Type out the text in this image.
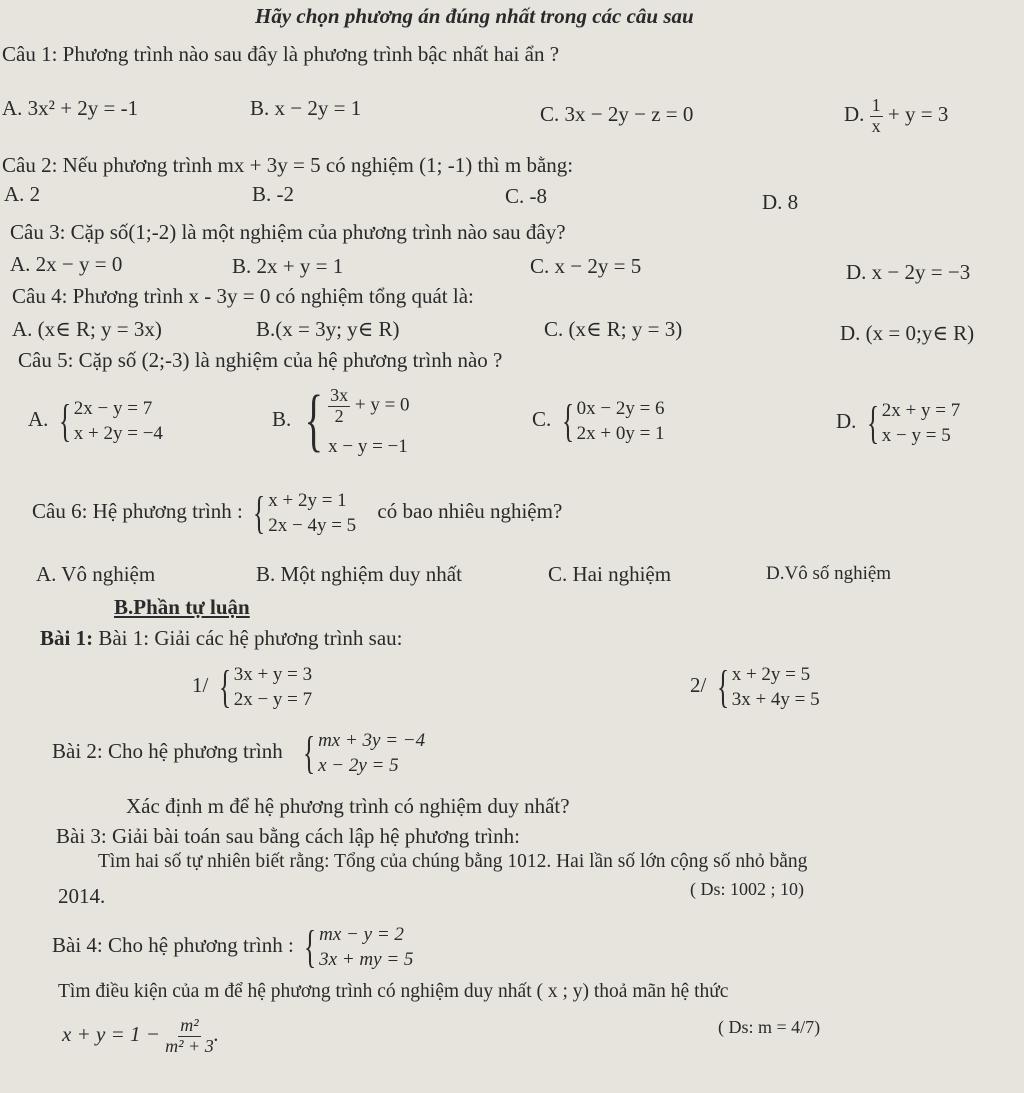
Hãy chọn phương án đúng nhất trong các câu sau
Câu 1: Phương trình nào sau đây là phương trình bậc nhất hai ẩn ?
A. 3x² + 2y = -1	B. x − 2y = 1	C. 3x − 2y − z = 0	D. $\frac{1}{x} + y = 3$
Câu 2: Nếu phương trình mx + 3y = 5 có nghiệm (1; -1) thì m bằng:
A. 2	B. -2	C. -8	D. 8
Câu 3: Cặp số(1;-2) là một nghiệm của phương trình nào sau đây?
A. 2x − y = 0	B. 2x + y = 1	C. x − 2y = 5	D. x − 2y = −3
Câu 4: Phương trình x - 3y = 0 có nghiệm tổng quát là:
A. (x∈ R; y = 3x)	B.(x = 3y; y∈ R)	C. (x∈ R; y = 3)	D. (x = 0;y∈ R)
Câu 5: Cặp số (2;-3) là nghiệm của hệ phương trình nào ?
A. { 2x − y = 7
x + 2y = −4
B. { $\frac{3x}{2} + y = 0$
x − y = −1
C. { 0x − 2y = 6
2x + 0y = 1
D. { 2x + y = 7
x − y = 5
Câu 6: Hệ phương trình : { x + 2y = 1
2x − 4y = 5
có bao nhiêu nghiệm?
A. Vô nghiệm	B. Một nghiệm duy nhất	C. Hai nghiệm	D.Vô số nghiệm
B.Phần tự luận
Bài 1: Bài 1: Giải các hệ phương trình sau:
1/ { 3x + y = 3
2x − y = 7
2/ { x + 2y = 5
3x + 4y = 5
Bài 2: Cho hệ phương trình { mx + 3y = −4
x − 2y = 5
Xác định m để hệ phương trình có nghiệm duy nhất?
Bài 3: Giải bài toán sau bằng cách lập hệ phương trình:
Tìm hai số tự nhiên biết rằng: Tổng của chúng bằng 1012. Hai lần số lớn cộng số nhỏ bằng
2014.	( Ds: 1002 ; 10)
Bài 4: Cho hệ phương trình : { mx − y = 2
3x + my = 5
Tìm điều kiện của m để hệ phương trình có nghiệm duy nhất ( x ; y) thoả mãn hệ thức
$x + y = 1 - \frac{\text{m²}}{\text{m² + 3}}$ .	( Ds: m = 4/7)
